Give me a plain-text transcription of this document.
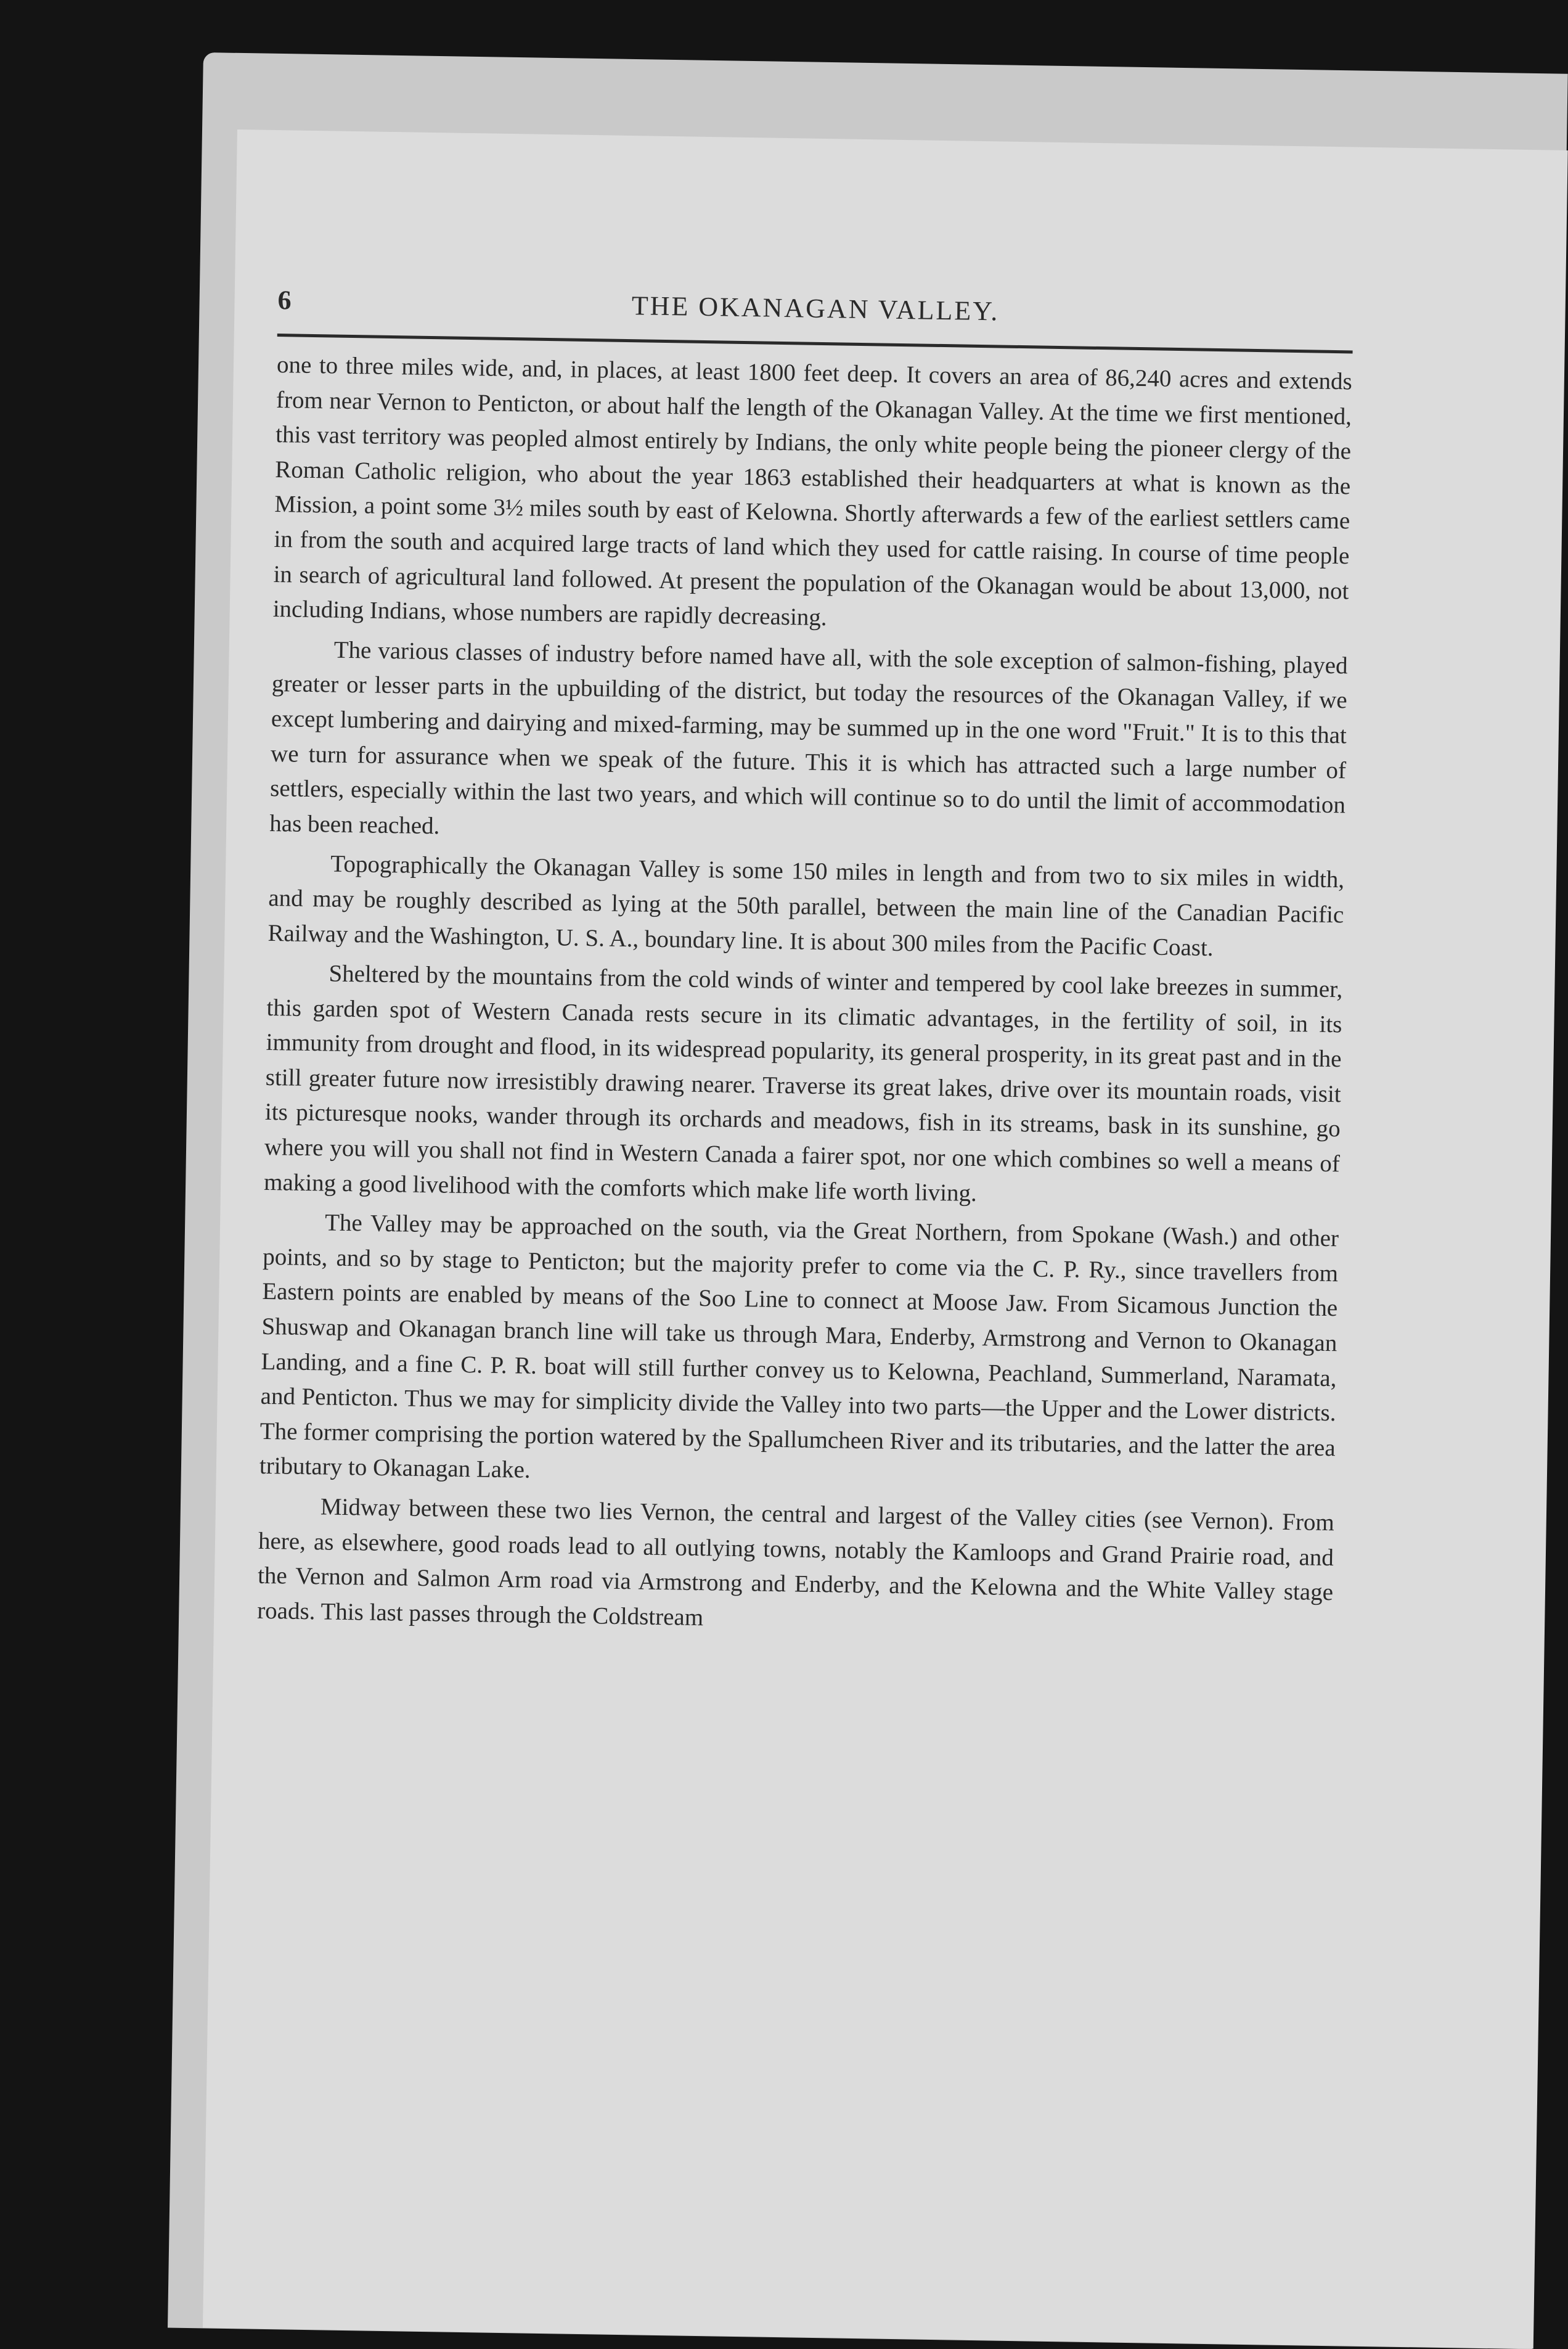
6	THE OKANAGAN VALLEY.

one to three miles wide, and, in places, at least 1800 feet deep. It covers an area of 86,240 acres and extends from near Vernon to Penticton, or about half the length of the Okanagan Valley. At the time we first mentioned, this vast territory was peopled almost entirely by Indians, the only white people being the pioneer clergy of the Roman Catholic religion, who about the year 1863 established their headquarters at what is known as the Mission, a point some 3½ miles south by east of Kelowna. Shortly afterwards a few of the earliest settlers came in from the south and acquired large tracts of land which they used for cattle raising. In course of time people in search of agricultural land followed. At present the population of the Okanagan would be about 13,000, not including Indians, whose numbers are rapidly decreasing.

The various classes of industry before named have all, with the sole exception of salmon-fishing, played greater or lesser parts in the upbuilding of the district, but today the resources of the Okanagan Valley, if we except lumbering and dairying and mixed-farming, may be summed up in the one word "Fruit." It is to this that we turn for assurance when we speak of the future. This it is which has attracted such a large number of settlers, especially within the last two years, and which will continue so to do until the limit of accommodation has been reached.

Topographically the Okanagan Valley is some 150 miles in length and from two to six miles in width, and may be roughly described as lying at the 50th parallel, between the main line of the Canadian Pacific Railway and the Washington, U. S. A., boundary line. It is about 300 miles from the Pacific Coast.

Sheltered by the mountains from the cold winds of winter and tempered by cool lake breezes in summer, this garden spot of Western Canada rests secure in its climatic advantages, in the fertility of soil, in its immunity from drought and flood, in its widespread popularity, its general prosperity, in its great past and in the still greater future now irresistibly drawing nearer. Traverse its great lakes, drive over its mountain roads, visit its picturesque nooks, wander through its orchards and meadows, fish in its streams, bask in its sunshine, go where you will you shall not find in Western Canada a fairer spot, nor one which combines so well a means of making a good livelihood with the comforts which make life worth living.

The Valley may be approached on the south, via the Great Northern, from Spokane (Wash.) and other points, and so by stage to Penticton; but the majority prefer to come via the C. P. Ry., since travellers from Eastern points are enabled by means of the Soo Line to connect at Moose Jaw. From Sicamous Junction the Shuswap and Okanagan branch line will take us through Mara, Enderby, Armstrong and Vernon to Okanagan Landing, and a fine C. P. R. boat will still further convey us to Kelowna, Peachland, Summerland, Naramata, and Penticton. Thus we may for simplicity divide the Valley into two parts—the Upper and the Lower districts. The former comprising the portion watered by the Spallumcheen River and its tributaries, and the latter the area tributary to Okanagan Lake.

Midway between these two lies Vernon, the central and largest of the Valley cities (see Vernon). From here, as elsewhere, good roads lead to all outlying towns, notably the Kamloops and Grand Prairie road, and the Vernon and Salmon Arm road via Armstrong and Enderby, and the Kelowna and the White Valley stage roads. This last passes through the Coldstream
